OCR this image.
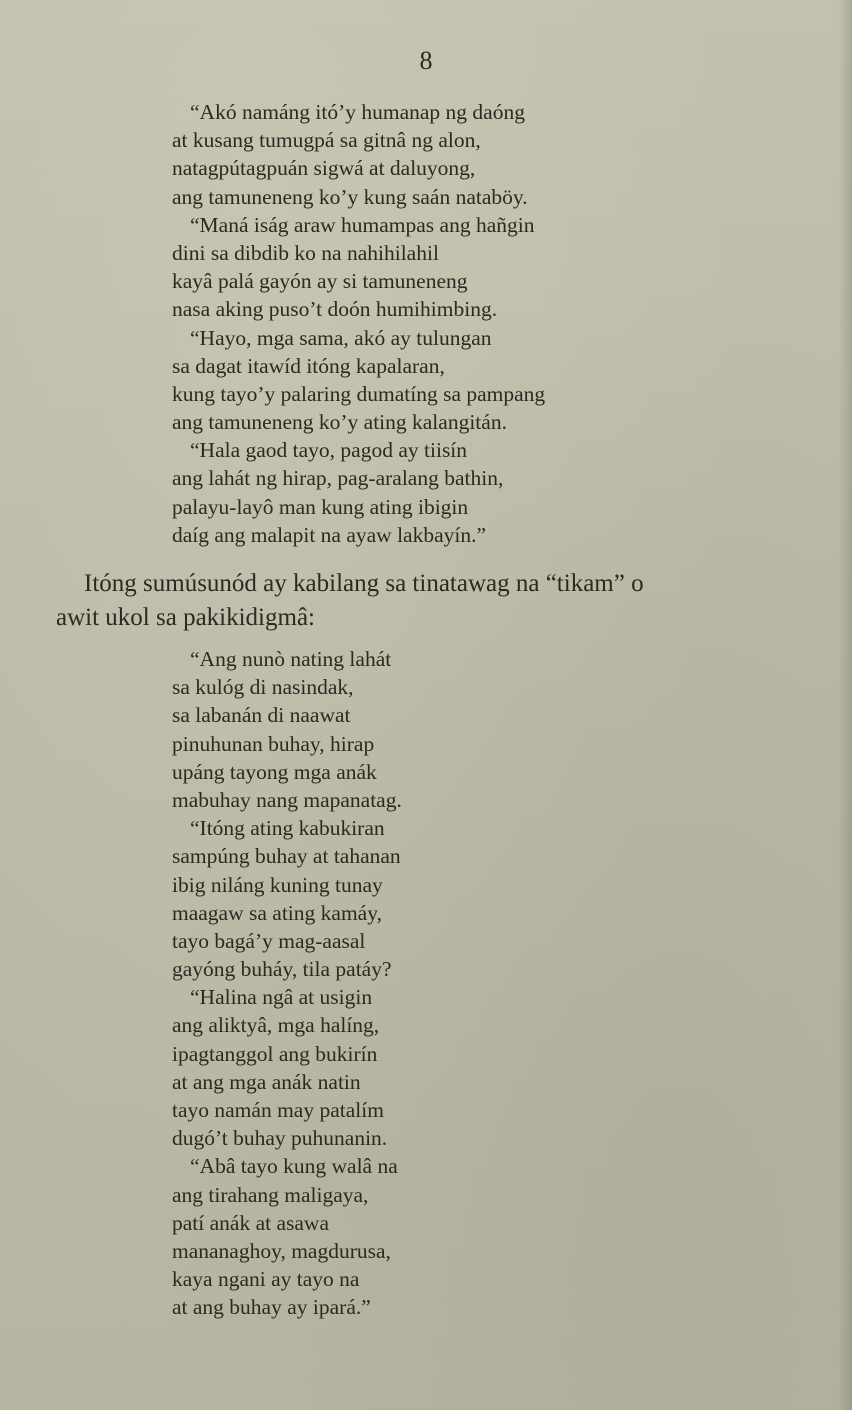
8
“Akó namáng itó’y humanap ng daóng
at kusang tumugpá sa gitnâ ng alon,
natagpútagpuán sigwá at daluyong,
ang tamuneneng ko’y kung saán nataböy.
“Maná iság araw humampas ang hañgin
dini sa dibdib ko na nahihilahil
kayâ palá gayón ay si tamuneneng
nasa aking puso’t doón humihimbing.
“Hayo, mga sama, akó ay tulungan
sa dagat itawíd itóng kapalaran,
kung tayo’y palaring dumatíng sa pampang
ang tamuneneng ko’y ating kalangitán.
“Hala gaod tayo, pagod ay tiisín
ang lahát ng hirap, pag-aralang bathin,
palayu-layô man kung ating ibigin
daíg ang malapit na ayaw lakbayín.”
Itóng sumúsunód ay kabilang sa tinatawag na “tikam” o
awit ukol sa pakikidigmâ:
“Ang nunò nating lahát
sa kulóg di nasindak,
sa labanán di naawat
pinuhunan buhay, hirap
upáng tayong mga anák
mabuhay nang mapanatag.
“Itóng ating kabukiran
sampúng buhay at tahanan
ibig niláng kuning tunay
maagaw sa ating kamáy,
tayo bagá’y mag-aasal
gayóng buháy, tila patáy?
“Halina ngâ at usigin
ang aliktyâ, mga halíng,
ipagtanggol ang bukirín
at ang mga anák natin
tayo namán may patalím
dugó’t buhay puhunanin.
“Abâ tayo kung walâ na
ang tirahang maligaya,
patí anák at asawa
mananaghoy, magdurusa,
kaya ngani ay tayo na
at ang buhay ay ipará.”
